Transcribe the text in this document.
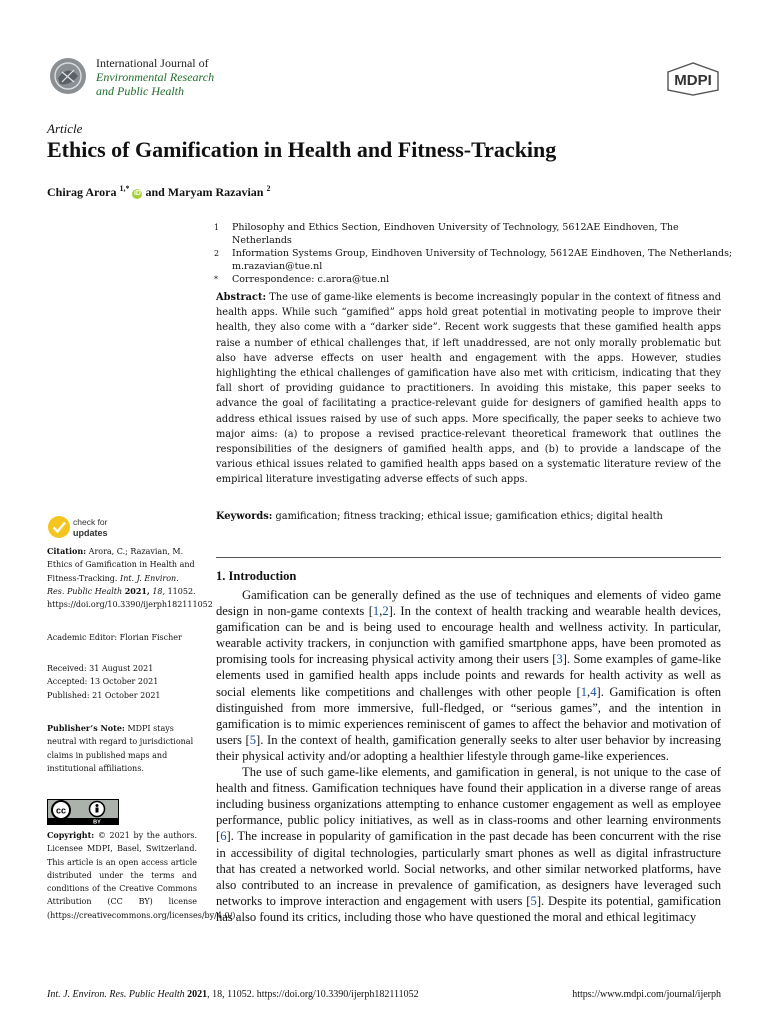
International Journal of
Environmental Research
and Public Health
MDPI
Article
Ethics of Gamification in Health and Fitness-Tracking
Chirag Arora $^{1,*}$ iD and Maryam Razavian $^2$
1	Philosophy and Ethics Section, Eindhoven University of Technology, 5612AE Eindhoven, The Netherlands
2	Information Systems Group, Eindhoven University of Technology, 5612AE Eindhoven, The Netherlands; m.razavian@tue.nl
*	Correspondence: c.arora@tue.nl
Abstract: The use of game-like elements is become increasingly popular in the context of fitness and health apps. While such “gamified” apps hold great potential in motivating people to improve their health, they also come with a “darker side”. Recent work suggests that these gamified health apps raise a number of ethical challenges that, if left unaddressed, are not only morally problematic but also have adverse effects on user health and engagement with the apps. However, studies highlighting the ethical challenges of gamification have also met with criticism, indicating that they fall short of providing guidance to practitioners. In avoiding this mistake, this paper seeks to advance the goal of facilitating a practice-relevant guide for designers of gamified health apps to address ethical issues raised by use of such apps. More specifically, the paper seeks to achieve two major aims: (a) to propose a revised practice-relevant theoretical framework that outlines the responsibilities of the designers of gamified health apps, and (b) to provide a landscape of the various ethical issues related to gamified health apps based on a systematic literature review of the empirical literature investigating adverse effects of such apps.
Keywords: gamification; fitness tracking; ethical issue; gamification ethics; digital health
check for
updates
Citation: Arora, C.; Razavian, M. Ethics of Gamification in Health and Fitness-Tracking. Int. J. Environ. Res. Public Health 2021, 18, 11052. https://doi.org/10.3390/ijerph182111052
Academic Editor: Florian Fischer
Received: 31 August 2021
Accepted: 13 October 2021
Published: 21 October 2021
Publisher’s Note: MDPI stays neutral with regard to jurisdictional claims in published maps and institutional affiliations.
cc
BY
Copyright: © 2021 by the authors. Licensee MDPI, Basel, Switzerland. This article is an open access article distributed under the terms and conditions of the Creative Commons Attribution (CC BY) license (https://creativecommons.org/licenses/by/4.0/).
1. Introduction

Gamification can be generally defined as the use of techniques and elements of video game design in non-game contexts [1,2]. In the context of health tracking and wearable health devices, gamification can be and is being used to encourage health and wellness activity. In particular, wearable activity trackers, in conjunction with gamified smartphone apps, have been promoted as promising tools for increasing physical activity among their users [3]. Some examples of game-like elements used in gamified health apps include points and rewards for health activity as well as social elements like competitions and challenges with other people [1,4]. Gamification is often distinguished from more immersive, full-fledged, or “serious games”, and the intention in gamification is to mimic experiences reminiscent of games to affect the behavior and motivation of users [5]. In the context of health, gamification generally seeks to alter user behavior by increasing their physical activity and/or adopting a healthier lifestyle through game-like experiences.

The use of such game-like elements, and gamification in general, is not unique to the case of health and fitness. Gamification techniques have found their application in a diverse range of areas including business organizations attempting to enhance customer engagement as well as employee performance, public policy initiatives, as well as in class-rooms and other learning environments [6]. The increase in popularity of gamification in the past decade has been concurrent with the rise in accessibility of digital technologies, particularly smart phones as well as digital infrastructure that has created a networked world. Social networks, and other similar networked platforms, have also contributed to an increase in prevalence of gamification, as designers have leveraged such networks to improve interaction and engagement with users [5]. Despite its potential, gamification has also found its critics, including those who have questioned the moral and ethical legitimacy

Int. J. Environ. Res. Public Health 2021, 18, 11052. https://doi.org/10.3390/ijerph182111052	https://www.mdpi.com/journal/ijerph
